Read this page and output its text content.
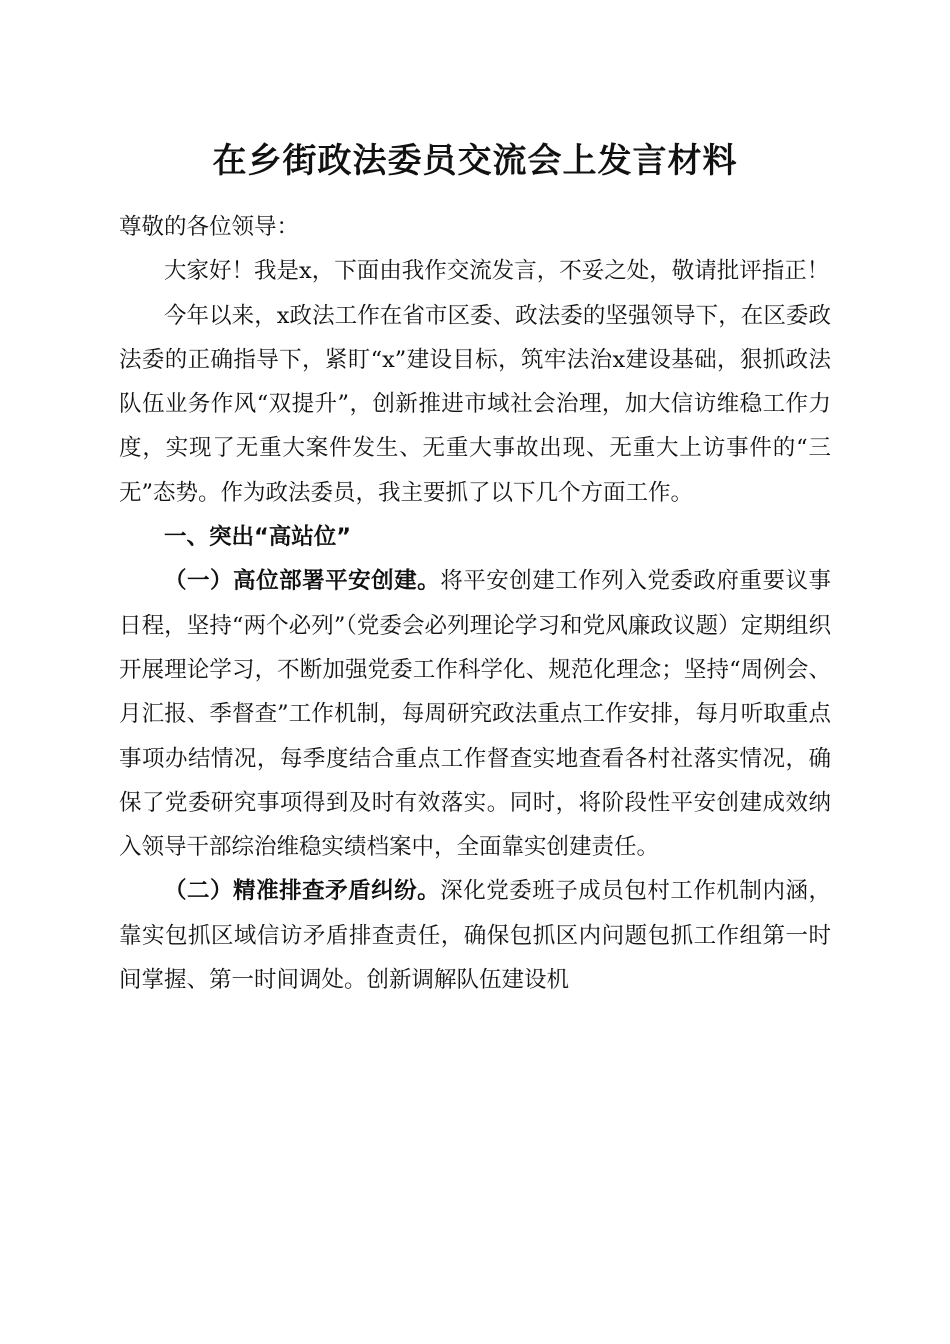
在乡街政法委员交流会上发言材料

尊敬的各位领导：

大家好！我是x，下面由我作交流发言，不妥之处，敬请批评指正！

今年以来，x政法工作在省市区委、政法委的坚强领导下，在区委政法委的正确指导下，紧盯“x”建设目标，筑牢法治x建设基础，狠抓政法队伍业务作风“双提升”，创新推进市域社会治理，加大信访维稳工作力度，实现了无重大案件发生、无重大事故出现、无重大上访事件的“三无”态势。作为政法委员，我主要抓了以下几个方面工作。

一、突出“高站位”

（一）高位部署平安创建。将平安创建工作列入党委政府重要议事日程，坚持“两个必列”（党委会必列理论学习和党风廉政议题）定期组织开展理论学习，不断加强党委工作科学化、规范化理念；坚持“周例会、月汇报、季督查”工作机制，每周研究政法重点工作安排，每月听取重点事项办结情况，每季度结合重点工作督查实地查看各村社落实情况，确保了党委研究事项得到及时有效落实。同时，将阶段性平安创建成效纳入领导干部综治维稳实绩档案中，全面靠实创建责任。

（二）精准排查矛盾纠纷。深化党委班子成员包村工作机制内涵，靠实包抓区域信访矛盾排查责任，确保包抓区内问题包抓工作组第一时间掌握、第一时间调处。创新调解队伍建设机
